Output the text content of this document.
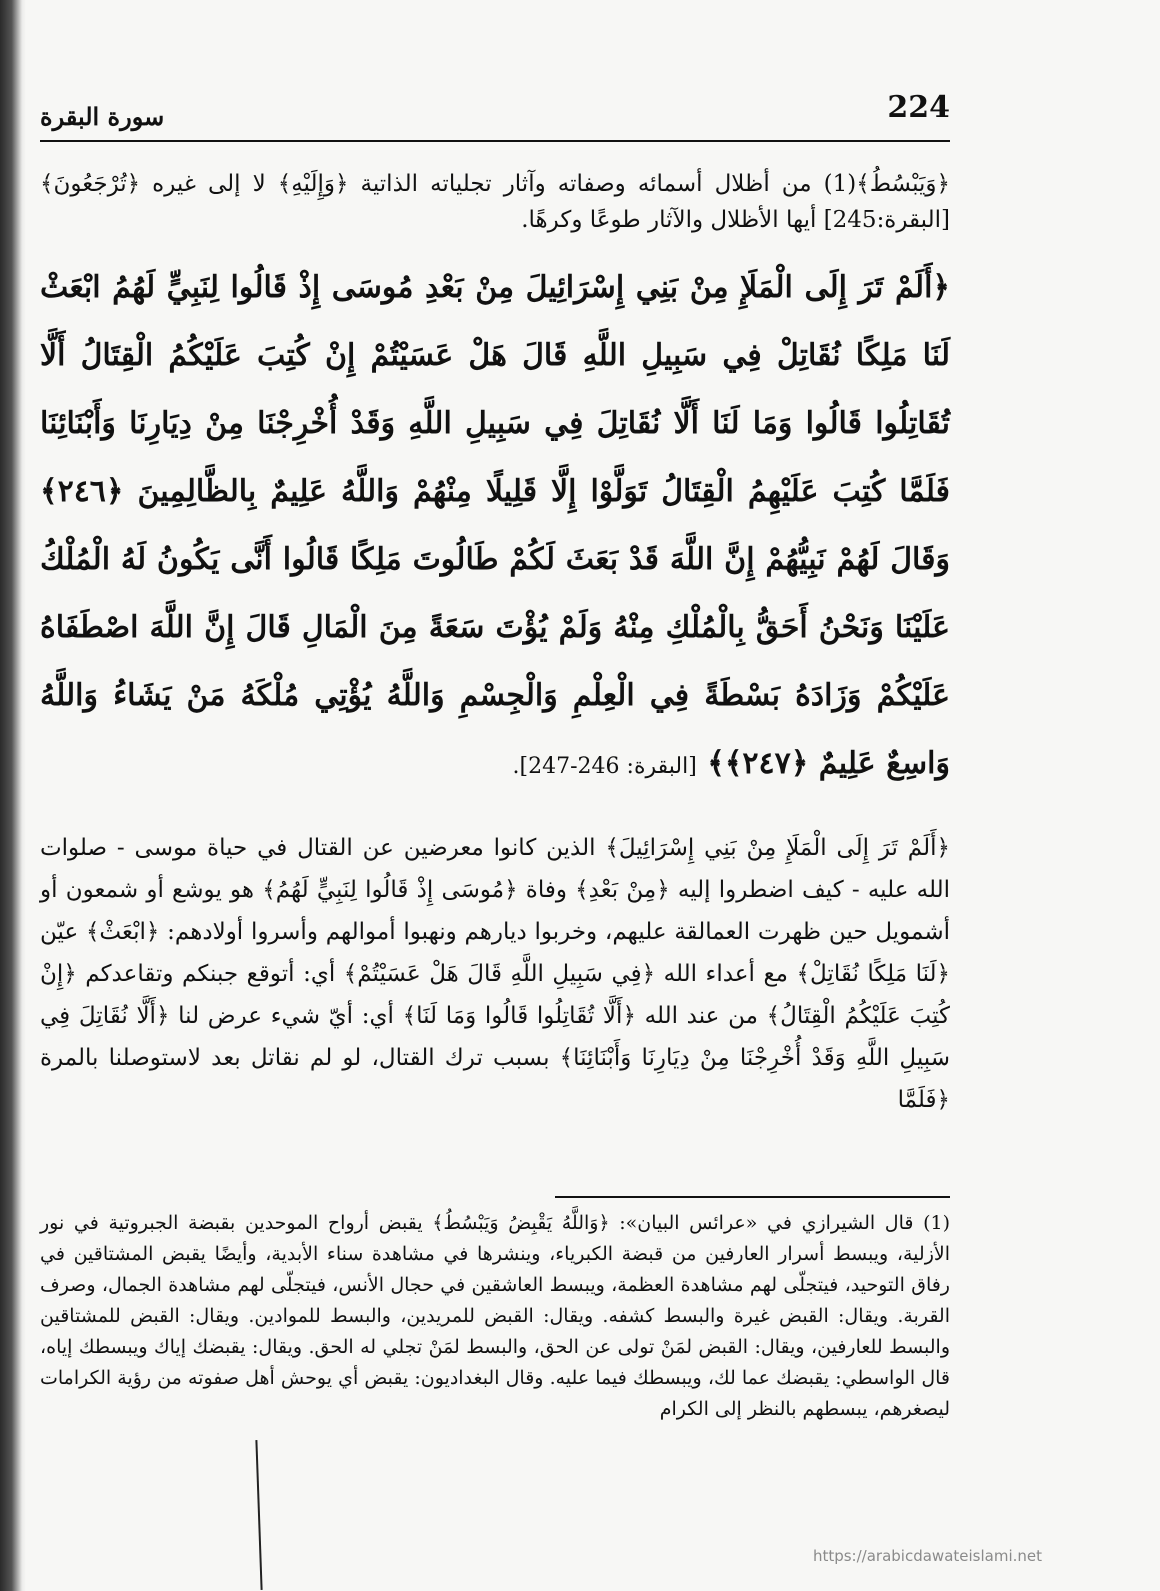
224
سورة البقرة
﴿وَيَبْسُطُ﴾(1) من أظلال أسمائه وصفاته وآثار تجلياته الذاتية ﴿وَإِلَيْهِ﴾ لا إلى غيره ﴿تُرْجَعُونَ﴾ [البقرة:245] أيها الأظلال والآثار طوعًا وكرهًا.
﴿أَلَمْ تَرَ إِلَى الْمَلَإِ مِنْ بَنِي إِسْرَائِيلَ مِنْ بَعْدِ مُوسَى إِذْ قَالُوا لِنَبِيٍّ لَهُمُ ابْعَثْ لَنَا مَلِكًا نُقَاتِلْ فِي سَبِيلِ اللَّهِ قَالَ هَلْ عَسَيْتُمْ إِنْ كُتِبَ عَلَيْكُمُ الْقِتَالُ أَلَّا تُقَاتِلُوا قَالُوا وَمَا لَنَا أَلَّا نُقَاتِلَ فِي سَبِيلِ اللَّهِ وَقَدْ أُخْرِجْنَا مِنْ دِيَارِنَا وَأَبْنَائِنَا فَلَمَّا كُتِبَ عَلَيْهِمُ الْقِتَالُ تَوَلَّوْا إِلَّا قَلِيلًا مِنْهُمْ وَاللَّهُ عَلِيمٌ بِالظَّالِمِينَ ﴿٢٤٦﴾ وَقَالَ لَهُمْ نَبِيُّهُمْ إِنَّ اللَّهَ قَدْ بَعَثَ لَكُمْ طَالُوتَ مَلِكًا قَالُوا أَنَّى يَكُونُ لَهُ الْمُلْكُ عَلَيْنَا وَنَحْنُ أَحَقُّ بِالْمُلْكِ مِنْهُ وَلَمْ يُؤْتَ سَعَةً مِنَ الْمَالِ قَالَ إِنَّ اللَّهَ اصْطَفَاهُ عَلَيْكُمْ وَزَادَهُ بَسْطَةً فِي الْعِلْمِ وَالْجِسْمِ وَاللَّهُ يُؤْتِي مُلْكَهُ مَنْ يَشَاءُ وَاللَّهُ وَاسِعٌ عَلِيمٌ ﴿٢٤٧﴾﴾ [البقرة: 246-247].
﴿أَلَمْ تَرَ إِلَى الْمَلَإِ مِنْ بَنِي إِسْرَائِيلَ﴾ الذين كانوا معرضين عن القتال في حياة موسى - صلوات الله عليه - كيف اضطروا إليه ﴿مِنْ بَعْدِ﴾ وفاة ﴿مُوسَى إِذْ قَالُوا لِنَبِيٍّ لَهُمُ﴾ هو يوشع أو شمعون أو أشمويل حين ظهرت العمالقة عليهم، وخربوا ديارهم ونهبوا أموالهم وأسروا أولادهم: ﴿ابْعَثْ﴾ عيّن ﴿لَنَا مَلِكًا نُقَاتِلْ﴾ مع أعداء الله ﴿فِي سَبِيلِ اللَّهِ قَالَ هَلْ عَسَيْتُمْ﴾ أي: أتوقع جبنكم وتقاعدكم ﴿إِنْ كُتِبَ عَلَيْكُمُ الْقِتَالُ﴾ من عند الله ﴿أَلَّا تُقَاتِلُوا قَالُوا وَمَا لَنَا﴾ أي: أيّ شيء عرض لنا ﴿أَلَّا نُقَاتِلَ فِي سَبِيلِ اللَّهِ وَقَدْ أُخْرِجْنَا مِنْ دِيَارِنَا وَأَبْنَائِنَا﴾ بسبب ترك القتال، لو لم نقاتل بعد لاستوصلنا بالمرة ﴿فَلَمَّا
(1) قال الشيرازي في «عرائس البيان»: ﴿وَاللَّهُ يَقْبِضُ وَيَبْسُطُ﴾ يقبض أرواح الموحدين بقبضة الجبروتية في نور الأزلية، ويبسط أسرار العارفين من قبضة الكبرياء، وينشرها في مشاهدة سناء الأبدية، وأيضًا يقبض المشتاقين في رفاق التوحيد، فيتجلّى لهم مشاهدة العظمة، ويبسط العاشقين في حجال الأنس، فيتجلّى لهم مشاهدة الجمال، وصرف القربة. ويقال: القبض غيرة والبسط كشفه. ويقال: القبض للمريدين، والبسط للموادين. ويقال: القبض للمشتاقين والبسط للعارفين، ويقال: القبض لمَنْ تولى عن الحق، والبسط لمَنْ تجلي له الحق. ويقال: يقبضك إياك ويبسطك إياه، قال الواسطي: يقبضك عما لك، ويبسطك فيما عليه. وقال البغداديون: يقبض أي يوحش أهل صفوته من رؤية الكرامات ليصغرهم، يبسطهم بالنظر إلى الكرام
https://arabicdawateislami.net
